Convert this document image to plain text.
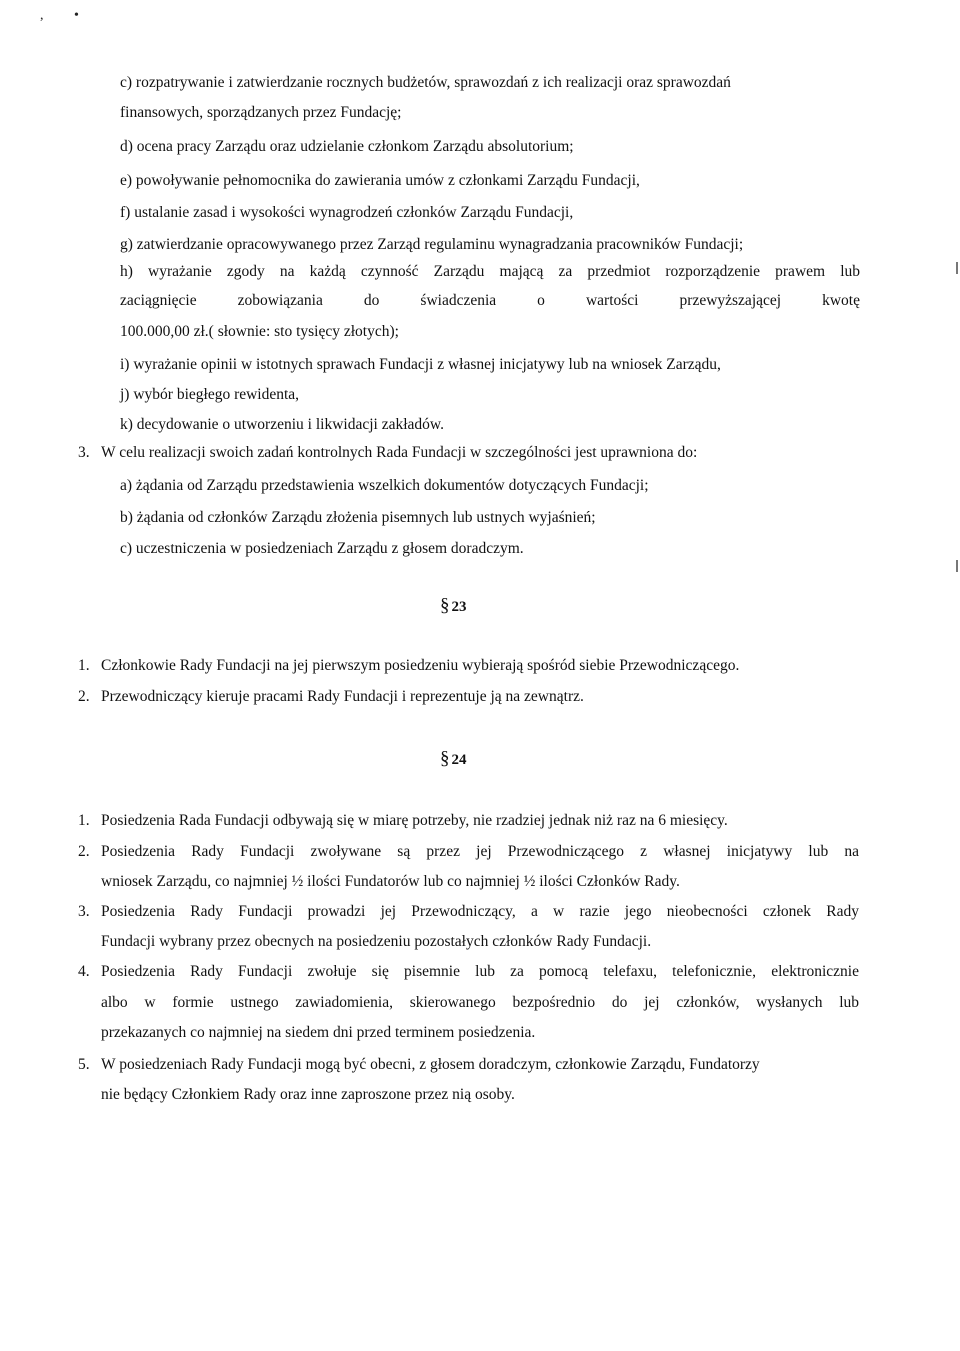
, •
c) rozpatrywanie i zatwierdzanie rocznych budżetów, sprawozdań z ich realizacji oraz sprawozdań
finansowych, sporządzanych przez Fundację;
d) ocena pracy Zarządu oraz udzielanie członkom Zarządu absolutorium;
e) powoływanie pełnomocnika do zawierania umów z członkami Zarządu Fundacji,
f) ustalanie zasad i wysokości wynagrodzeń członków Zarządu Fundacji,
g) zatwierdzanie opracowywanego przez Zarząd regulaminu wynagradzania pracowników Fundacji;
h) wyrażanie zgody na każdą czynność Zarządu mającą za przedmiot rozporządzenie prawem lub
zaciągnięcie zobowiązania do świadczenia o wartości przewyższającej kwotę
100.000,00 zł.( słownie: sto tysięcy złotych);
i) wyrażanie opinii w istotnych sprawach Fundacji z własnej inicjatywy lub na wniosek Zarządu,
j) wybór biegłego rewidenta,
k) decydowanie o utworzeniu i likwidacji zakładów.
3. W celu realizacji swoich zadań kontrolnych Rada Fundacji w szczególności jest uprawniona do:
a) żądania od Zarządu przedstawienia wszelkich dokumentów dotyczących Fundacji;
b) żądania od członków Zarządu złożenia pisemnych lub ustnych wyjaśnień;
c) uczestniczenia w posiedzeniach Zarządu z głosem doradczym.
§ 23
1. Członkowie Rady Fundacji na jej pierwszym posiedzeniu wybierają spośród siebie Przewodniczącego.
2. Przewodniczący kieruje pracami Rady Fundacji i reprezentuje ją na zewnątrz.
§ 24
1. Posiedzenia Rada Fundacji odbywają się w miarę potrzeby, nie rzadziej jednak niż raz na 6 miesięcy.
2. Posiedzenia Rady Fundacji zwoływane są przez jej Przewodniczącego z własnej inicjatywy lub na
wniosek Zarządu, co najmniej ½ ilości Fundatorów lub co najmniej ½ ilości Członków Rady.
3. Posiedzenia Rady Fundacji prowadzi jej Przewodniczący, a w razie jego nieobecności członek Rady
Fundacji wybrany przez obecnych na posiedzeniu pozostałych członków Rady Fundacji.
4. Posiedzenia Rady Fundacji zwołuje się pisemnie lub za pomocą telefaxu, telefonicznie, elektronicznie
albo w formie ustnego zawiadomienia, skierowanego bezpośrednio do jej członków, wysłanych lub
przekazanych co najmniej na siedem dni przed terminem posiedzenia.
5. W posiedzeniach Rady Fundacji mogą być obecni, z głosem doradczym, członkowie Zarządu, Fundatorzy
nie będący Członkiem Rady oraz inne zaproszone przez nią osoby.
